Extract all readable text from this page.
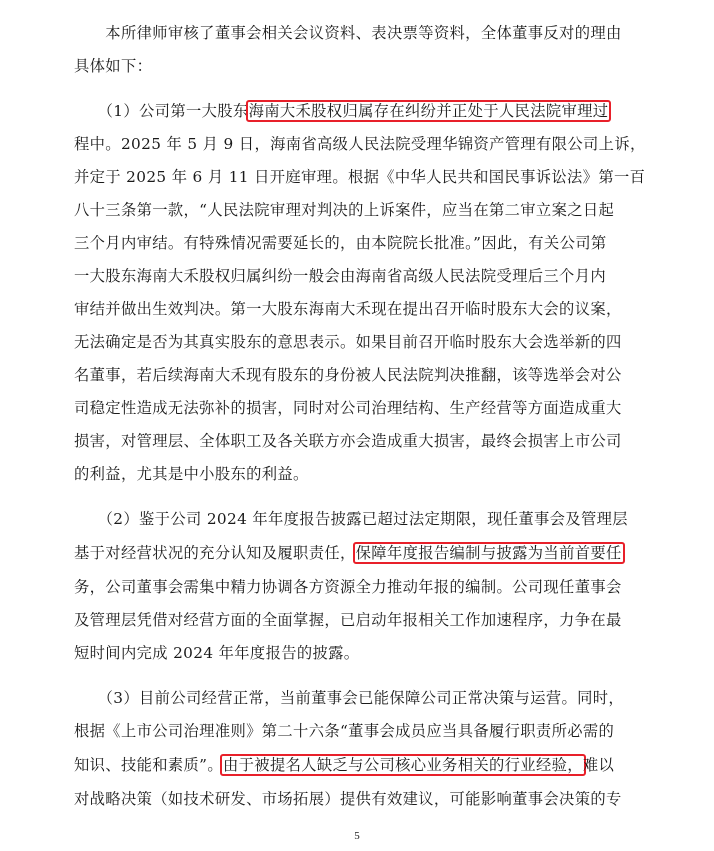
　　本所律师审核了董事会相关会议资料、表决票等资料，全体董事反对的理由
具体如下：
　　（1）公司第一大股东海南大禾股权归属存在纠纷并正处于人民法院审理过
程中。2025 年 5 月 9 日，海南省高级人民法院受理华锦资产管理有限公司上诉，
并定于 2025 年 6 月 11 日开庭审理。根据《中华人民共和国民事诉讼法》第一百
八十三条第一款，“人民法院审理对判决的上诉案件，应当在第二审立案之日起
三个月内审结。有特殊情况需要延长的，由本院院长批准。”因此，有关公司第
一大股东海南大禾股权归属纠纷一般会由海南省高级人民法院受理后三个月内
审结并做出生效判决。第一大股东海南大禾现在提出召开临时股东大会的议案，
无法确定是否为其真实股东的意思表示。如果目前召开临时股东大会选举新的四
名董事，若后续海南大禾现有股东的身份被人民法院判决推翻，该等选举会对公
司稳定性造成无法弥补的损害，同时对公司治理结构、生产经营等方面造成重大
损害，对管理层、全体职工及各关联方亦会造成重大损害，最终会损害上市公司
的利益，尤其是中小股东的利益。
　　（2）鉴于公司 2024 年年度报告披露已超过法定期限，现任董事会及管理层
基于对经营状况的充分认知及履职责任，保障年度报告编制与披露为当前首要任
务，公司董事会需集中精力协调各方资源全力推动年报的编制。公司现任董事会
及管理层凭借对经营方面的全面掌握，已启动年报相关工作加速程序，力争在最
短时间内完成 2024 年年度报告的披露。
　　（3）目前公司经营正常，当前董事会已能保障公司正常决策与运营。同时，
根据《上市公司治理准则》第二十六条“董事会成员应当具备履行职责所必需的
知识、技能和素质”。由于被提名人缺乏与公司核心业务相关的行业经验，难以
对战略决策（如技术研发、市场拓展）提供有效建议，可能影响董事会决策的专
5
